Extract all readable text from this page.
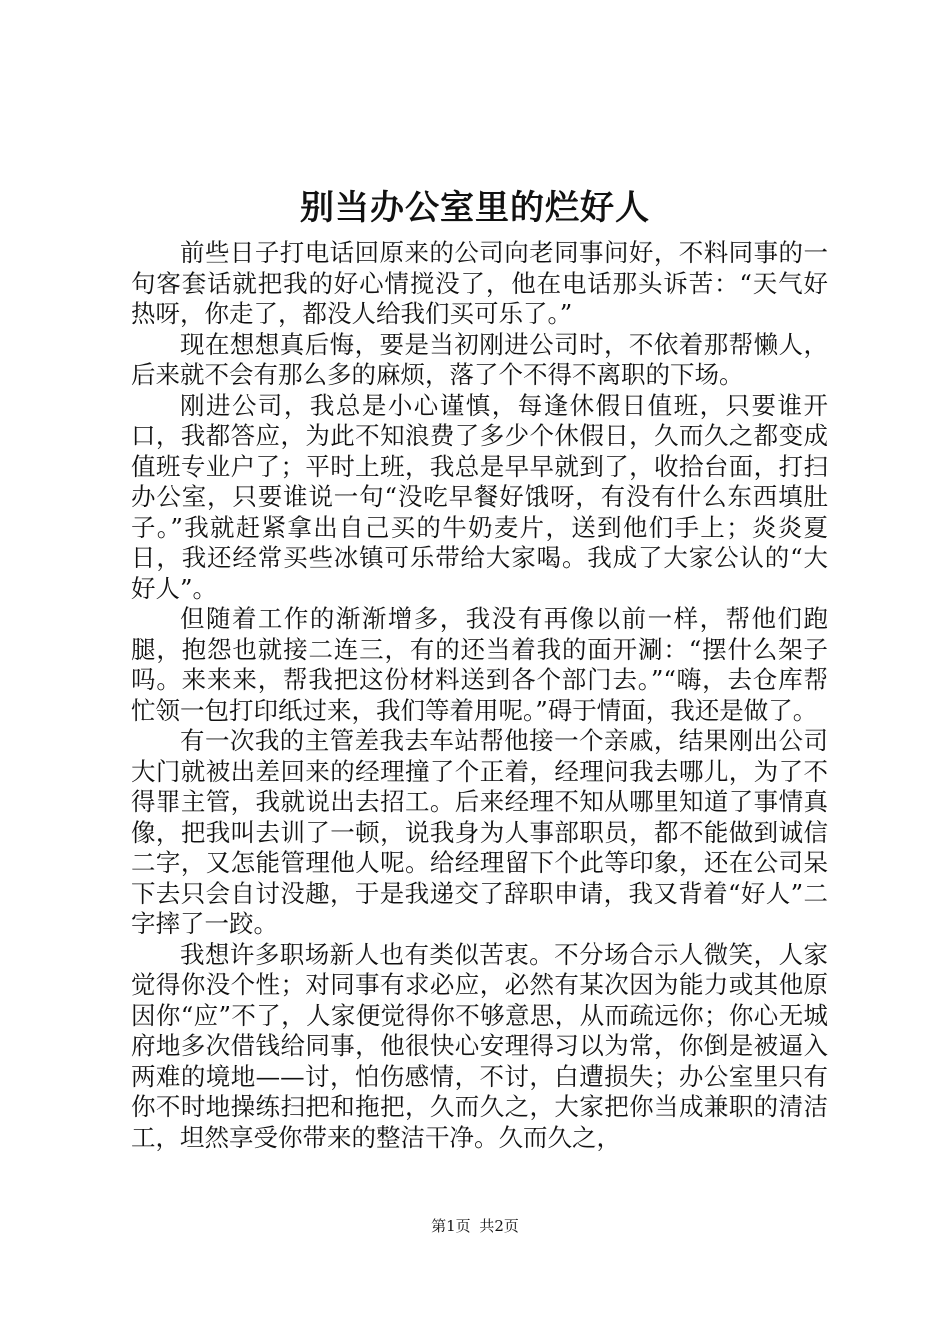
别当办公室里的烂好人

前些日子打电话回原来的公司向老同事问好，不料同事的一句客套话就把我的好心情搅没了，他在电话那头诉苦：“天气好热呀，你走了，都没人给我们买可乐了。”

现在想想真后悔，要是当初刚进公司时，不依着那帮懒人，后来就不会有那么多的麻烦，落了个不得不离职的下场。

刚进公司，我总是小心谨慎，每逢休假日值班，只要谁开口，我都答应，为此不知浪费了多少个休假日，久而久之都变成值班专业户了；平时上班，我总是早早就到了，收拾台面，打扫办公室，只要谁说一句“没吃早餐好饿呀，有没有什么东西填肚子。”我就赶紧拿出自己买的牛奶麦片，送到他们手上；炎炎夏日，我还经常买些冰镇可乐带给大家喝。我成了大家公认的“大好人”。

但随着工作的渐渐增多，我没有再像以前一样，帮他们跑腿，抱怨也就接二连三，有的还当着我的面开涮：“摆什么架子吗。来来来，帮我把这份材料送到各个部门去。”“嗨，去仓库帮忙领一包打印纸过来，我们等着用呢。”碍于情面，我还是做了。

有一次我的主管差我去车站帮他接一个亲戚，结果刚出公司大门就被出差回来的经理撞了个正着，经理问我去哪儿，为了不得罪主管，我就说出去招工。后来经理不知从哪里知道了事情真像，把我叫去训了一顿，说我身为人事部职员，都不能做到诚信二字，又怎能管理他人呢。给经理留下个此等印象，还在公司呆下去只会自讨没趣，于是我递交了辞职申请，我又背着“好人”二字摔了一跤。

我想许多职场新人也有类似苦衷。不分场合示人微笑，人家觉得你没个性；对同事有求必应，必然有某次因为能力或其他原因你“应”不了，人家便觉得你不够意思，从而疏远你；你心无城府地多次借钱给同事，他很快心安理得习以为常，你倒是被逼入两难的境地——讨，怕伤感情，不讨，白遭损失；办公室里只有你不时地操练扫把和拖把，久而久之，大家把你当成兼职的清洁工，坦然享受你带来的整洁干净。久而久之，

第1页 共2页
